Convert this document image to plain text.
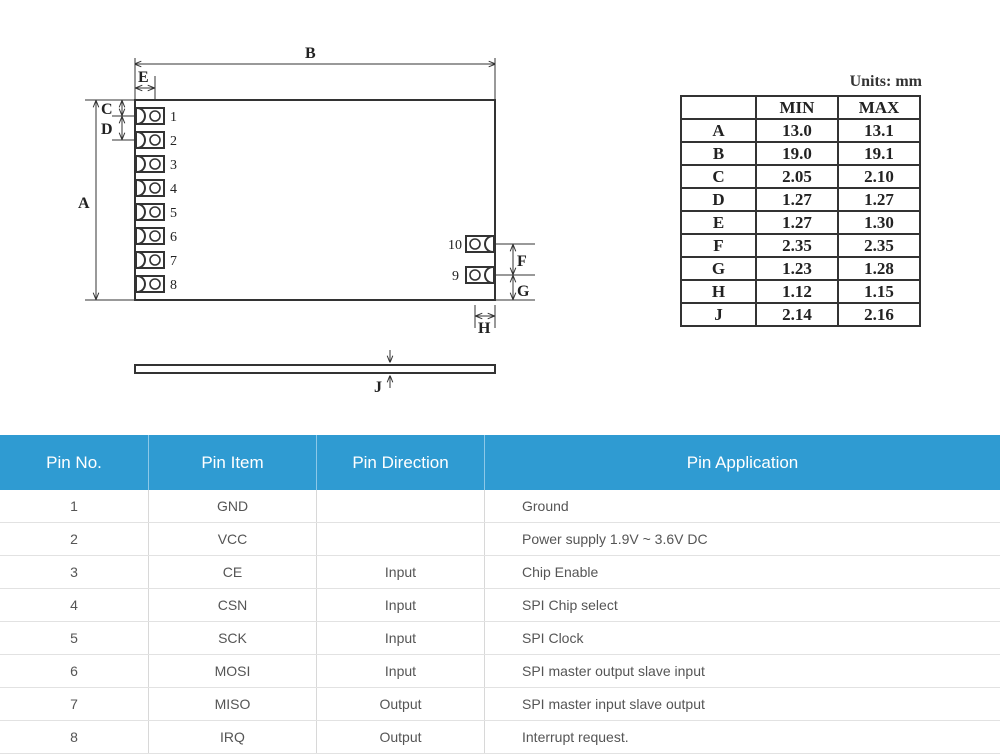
A
B
C
D
E
F
G
H
J
1
2
3
4
5
6
7
8
10
9
Units: mm
	MIN	MAX
A	13.0	13.1
B	19.0	19.1
C	2.05	2.10
D	1.27	1.27
E	1.27	1.30
F	2.35	2.35
G	1.23	1.28
H	1.12	1.15
J	2.14	2.16
Pin No.	Pin Item	Pin Direction	Pin Application
1	GND		Ground
2	VCC		Power supply 1.9V ~ 3.6V DC
3	CE	Input	Chip Enable
4	CSN	Input	SPI Chip select
5	SCK	Input	SPI Clock
6	MOSI	Input	SPI master output slave input
7	MISO	Output	SPI master input slave output
8	IRQ	Output	Interrupt request.
